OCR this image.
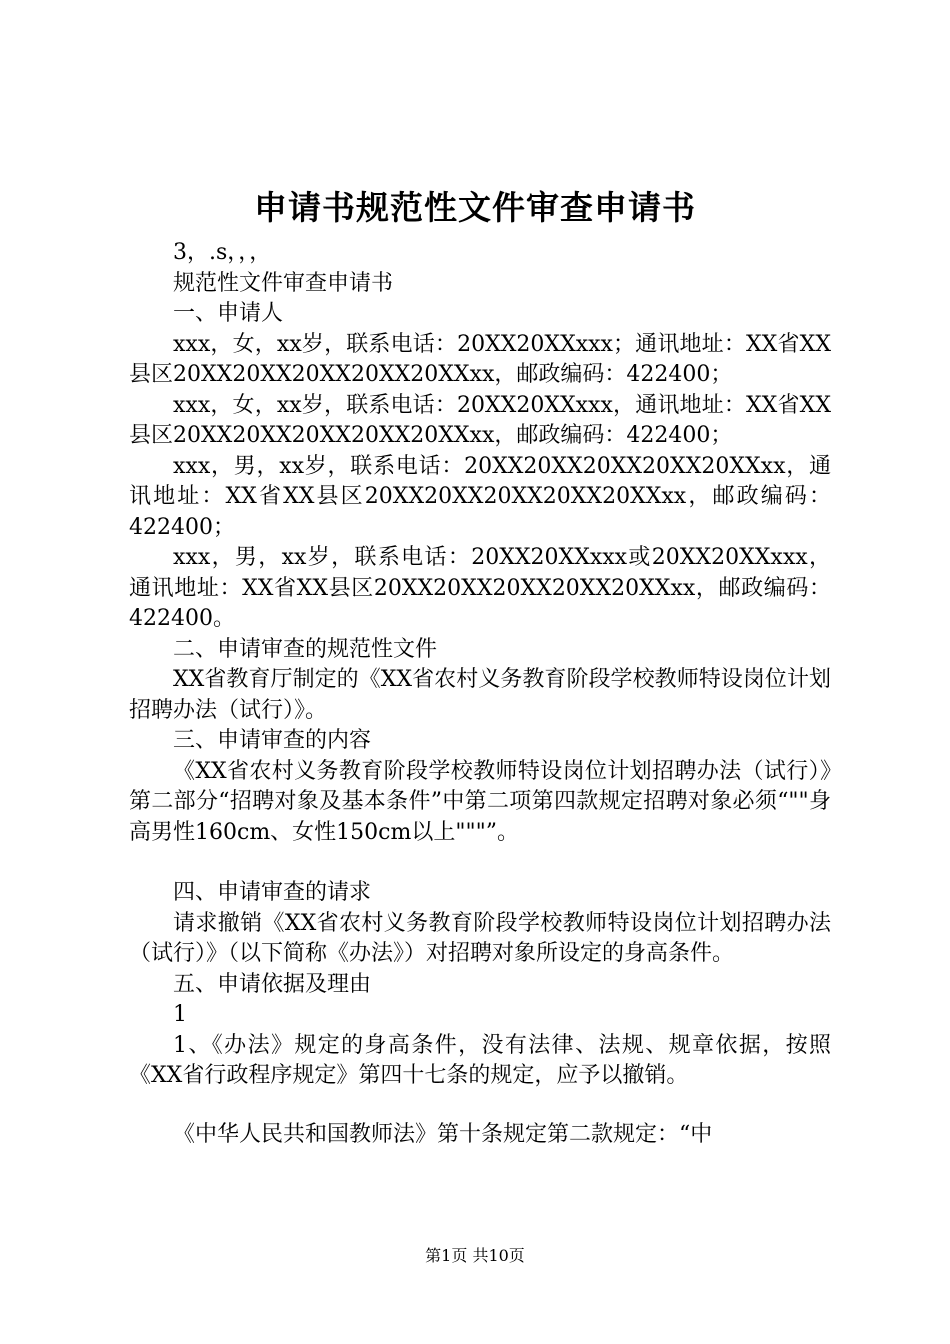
申请书规范性文件审查申请书

3，.s，，，

规范性文件审查申请书

一、申请人

xxx，女，xx岁，联系电话：20XX20XXxxx；通讯地址：XX省XX县区20XX20XX20XX20XX20XXxx，邮政编码：422400；

xxx，女，xx岁，联系电话：20XX20XXxxx，通讯地址：XX省XX县区20XX20XX20XX20XX20XXxx，邮政编码：422400；

xxx，男，xx岁，联系电话：20XX20XX20XX20XX20XXxx，通讯地址：XX省XX县区20XX20XX20XX20XX20XXxx，邮政编码：422400；

xxx，男，xx岁，联系电话：20XX20XXxxx或20XX20XXxxx，通讯地址：XX省XX县区20XX20XX20XX20XX20XXxx，邮政编码：422400。

二、申请审查的规范性文件

XX省教育厅制定的《XX省农村义务教育阶段学校教师特设岗位计划招聘办法（试行）》。

三、申请审查的内容

《XX省农村义务教育阶段学校教师特设岗位计划招聘办法（试行）》第二部分“招聘对象及基本条件”中第二项第四款规定招聘对象必须“""身高男性160cm、女性150cm以上"""”。

四、申请审查的请求

请求撤销《XX省农村义务教育阶段学校教师特设岗位计划招聘办法（试行）》（以下简称《办法》）对招聘对象所设定的身高条件。

五、申请依据及理由

1

1、《办法》规定的身高条件，没有法律、法规、规章依据，按照《XX省行政程序规定》第四十七条的规定，应予以撤销。

《中华人民共和国教师法》第十条规定第二款规定：“中

第1页 共10页
